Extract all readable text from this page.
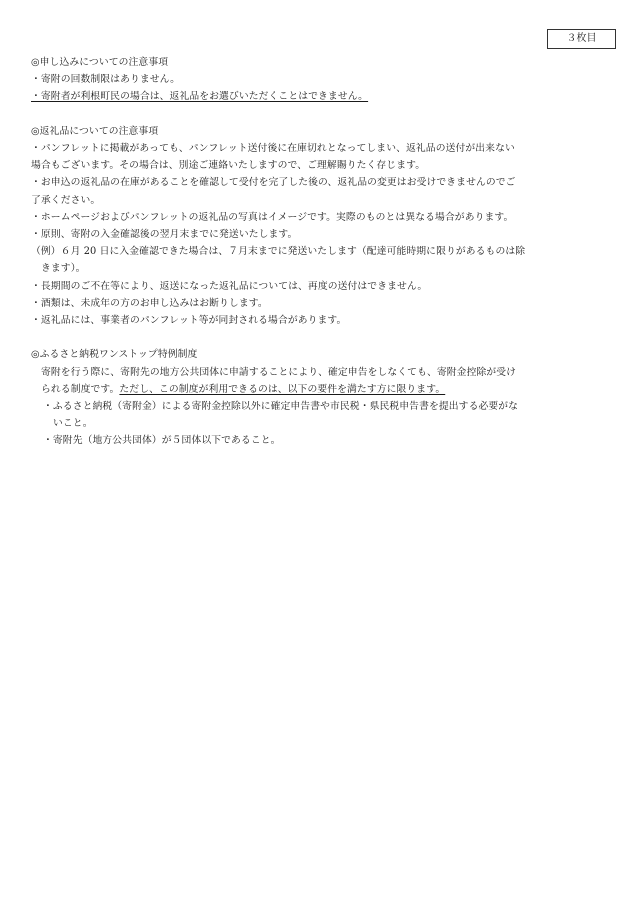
３枚目
◎申し込みについての注意事項
・寄附の回数制限はありません。
・寄附者が利根町民の場合は、返礼品をお選びいただくことはできません。
◎返礼品についての注意事項
・パンフレットに掲載があっても、パンフレット送付後に在庫切れとなってしまい、返礼品の送付が出来ない
場合もございます。その場合は、別途ご連絡いたしますので、ご理解賜りたく存じます。
・お申込の返礼品の在庫があることを確認して受付を完了した後の、返礼品の変更はお受けできませんのでご
了承ください。
・ホームページおよびパンフレットの返礼品の写真はイメージです。実際のものとは異なる場合があります。
・原則、寄附の入金確認後の翌月末までに発送いたします。
（例）６月 20 日に入金確認できた場合は、７月末までに発送いたします（配達可能時期に限りがあるものは除
きます）。
・長期間のご不在等により、返送になった返礼品については、再度の送付はできません。
・酒類は、未成年の方のお申し込みはお断りします。
・返礼品には、事業者のパンフレット等が同封される場合があります。
◎ふるさと納税ワンストップ特例制度
寄附を行う際に、寄附先の地方公共団体に申請することにより、確定申告をしなくても、寄附金控除が受け
られる制度です。ただし、この制度が利用できるのは、以下の要件を満たす方に限ります。
・ふるさと納税（寄附金）による寄附金控除以外に確定申告書や市民税・県民税申告書を提出する必要がな
いこと。
・寄附先（地方公共団体）が５団体以下であること。
